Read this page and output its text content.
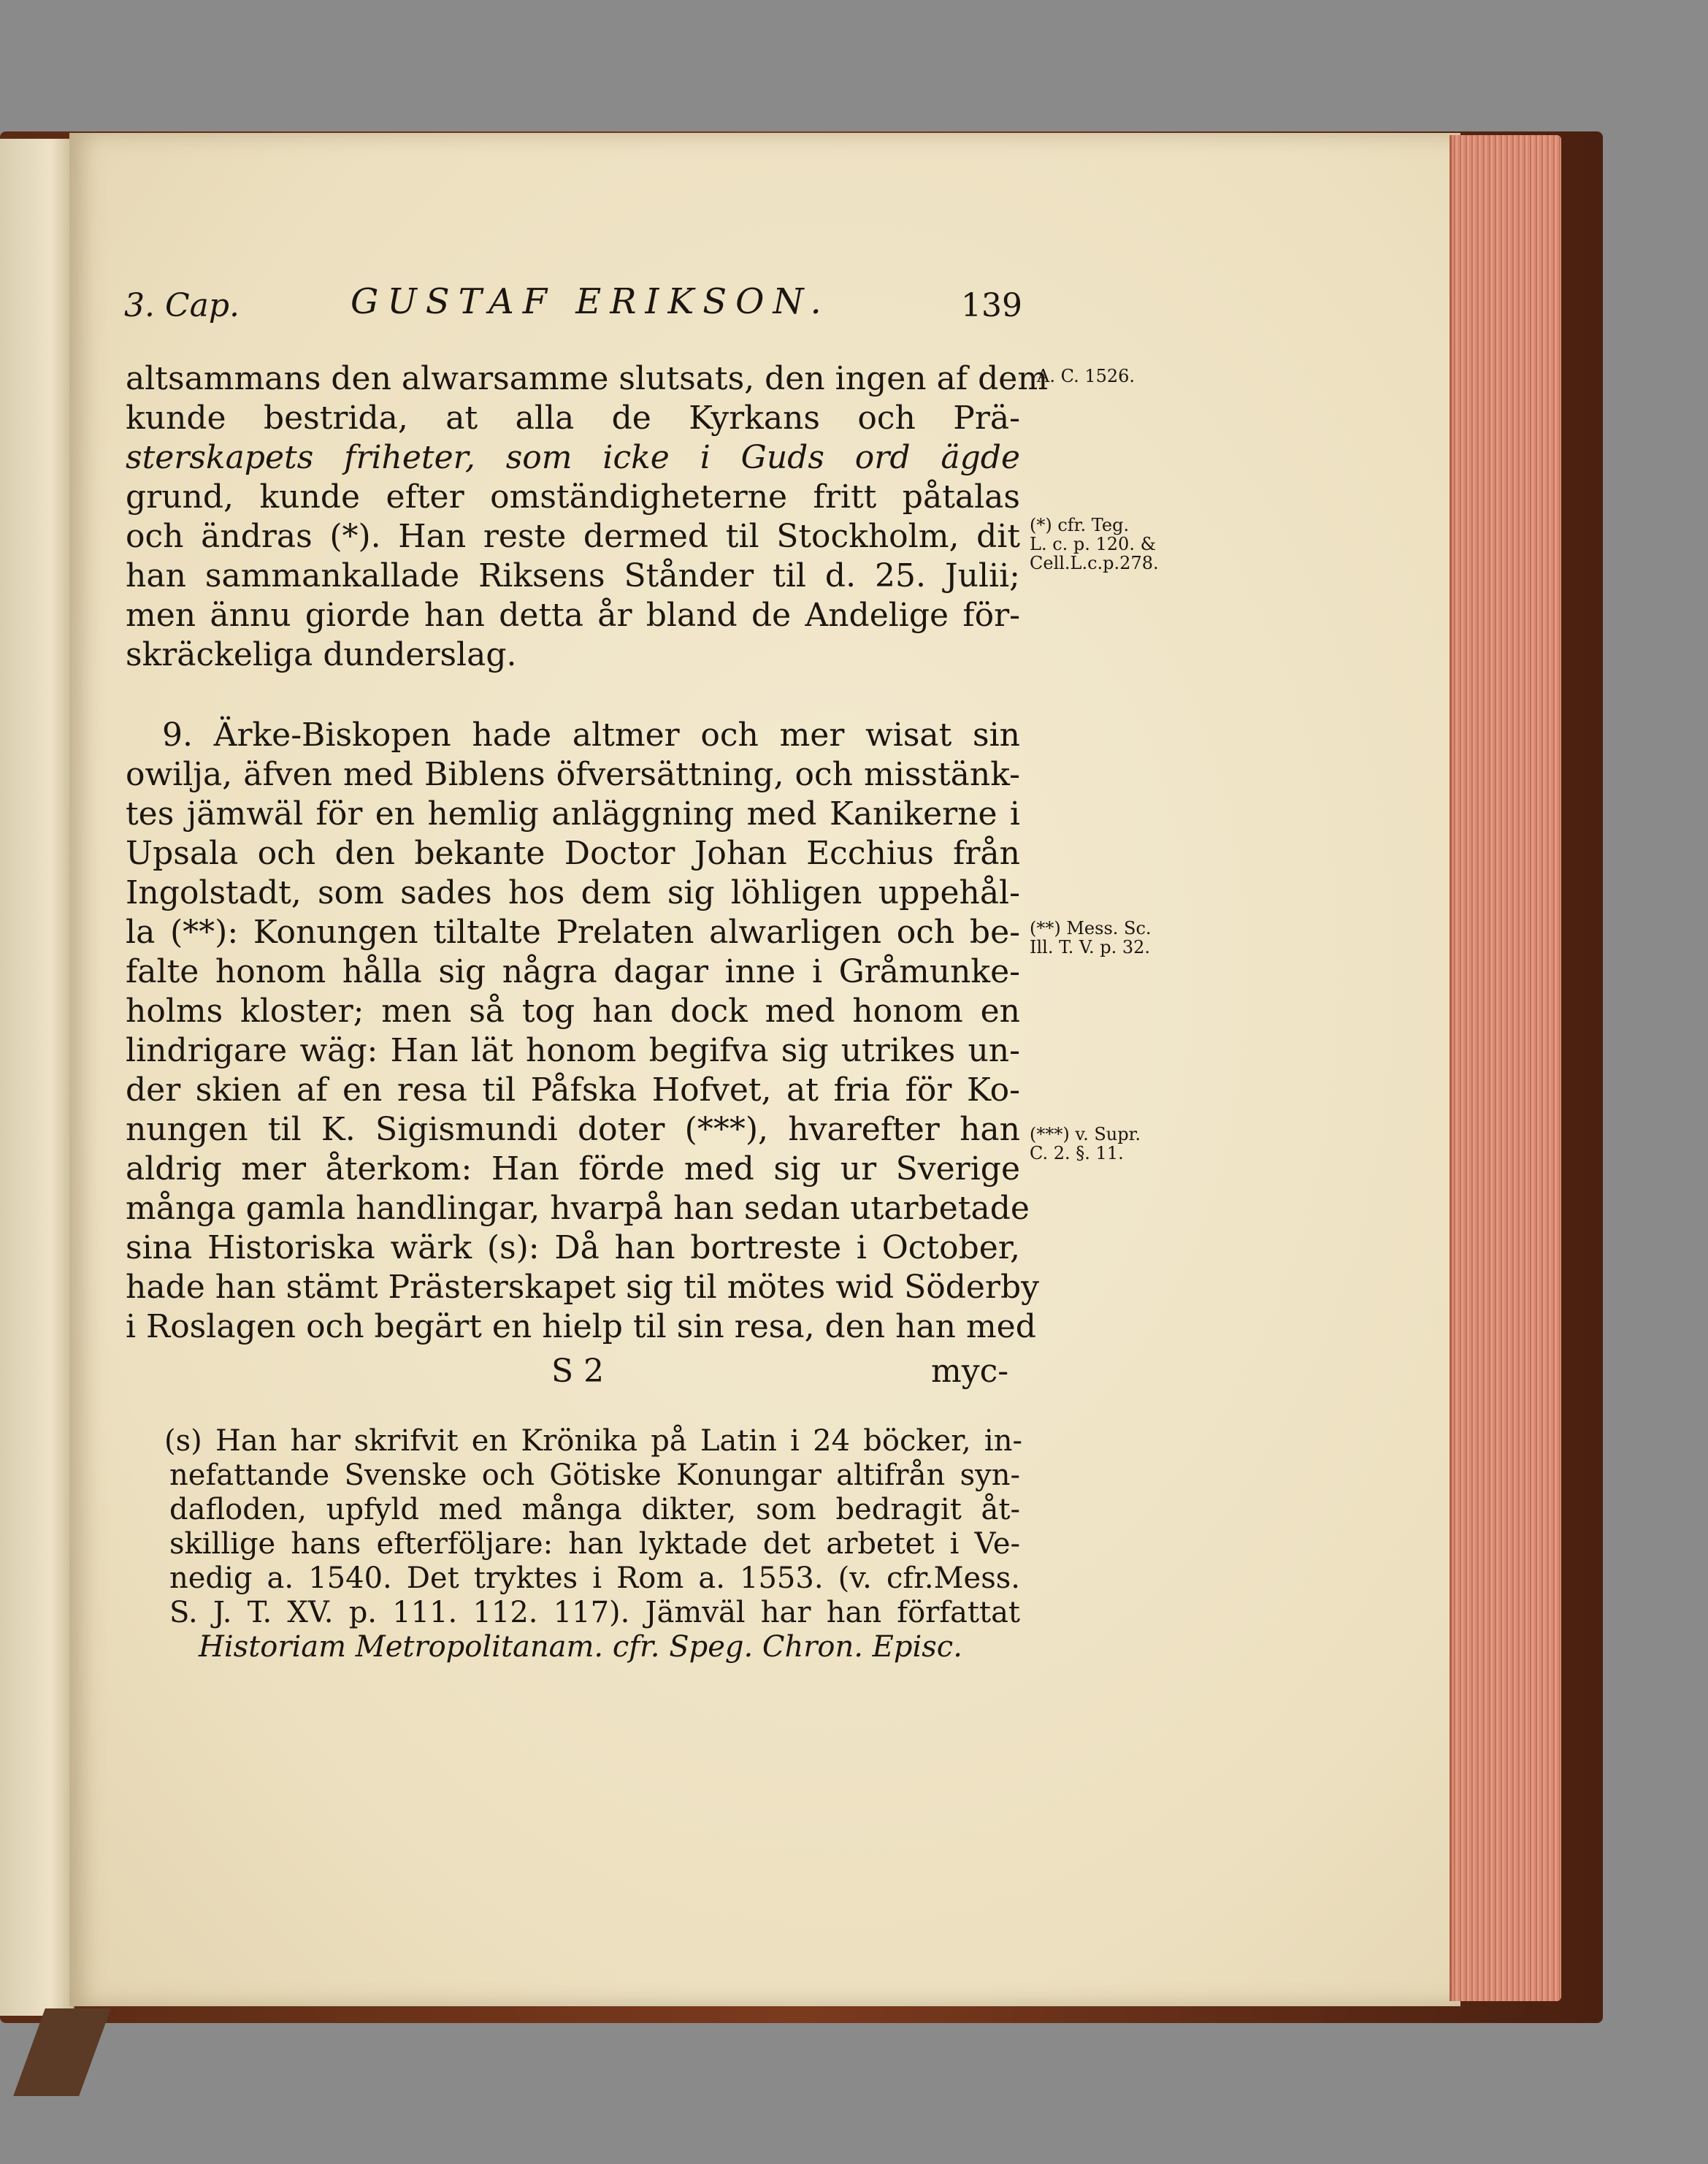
3. Cap.	GUSTAF ERIKSON.	139
altsammans den alwarsamme slutsats, den ingen af dem
kunde bestrida, at alla de Kyrkans och Prä-
sterskapets friheter, som icke i Guds ord ägde
grund, kunde efter omständigheterne fritt påtalas
och ändras (*). Han reste dermed til Stockholm, dit
han sammankallade Riksens Stånder til d. 25. Julii;
men ännu giorde han detta år bland de Andelige för-
skräckeliga dunderslag.
9. Ärke-Biskopen hade altmer och mer wisat sin
owilja, äfven med Biblens öfversättning, och misstänk-
tes jämwäl för en hemlig anläggning med Kanikerne i
Upsala och den bekante Doctor Johan Ecchius från
Ingolstadt, som sades hos dem sig löhligen uppehål-
la (**): Konungen tiltalte Prelaten alwarligen och be-
falte honom hålla sig några dagar inne i Gråmunke-
holms kloster; men så tog han dock med honom en
lindrigare wäg: Han lät honom begifva sig utrikes un-
der skien af en resa til Påfska Hofvet, at fria för Ko-
nungen til K. Sigismundi doter (***), hvarefter han
aldrig mer återkom: Han förde med sig ur Sverige
många gamla handlingar, hvarpå han sedan utarbetade
sina Historiska wärk (s): Då han bortreste i October,
hade han stämt Prästerskapet sig til mötes wid Söderby
i Roslagen och begärt en hielp til sin resa, den han med
S 2	myc-
(s) Han har skrifvit en Krönika på Latin i 24 böcker, in-
nefattande Svenske och Götiske Konungar altifrån syn-
dafloden, upfyld med många dikter, som bedragit åt-
skillige hans efterföljare: han lyktade det arbetet i Ve-
nedig a. 1540. Det tryktes i Rom a. 1553. (v. cfr.Mess.
S. J. T. XV. p. 111. 112. 117). Jämväl har han författat
Historiam Metropolitanam. cfr. Speg. Chron. Episc.
A. C. 1526.
(*) cfr. Teg.
L. c. p. 120. &
Cell.L.c.p.278.
(**) Mess. Sc.
Ill. T. V. p. 32.
(***) v. Supr.
C. 2. §. 11.
